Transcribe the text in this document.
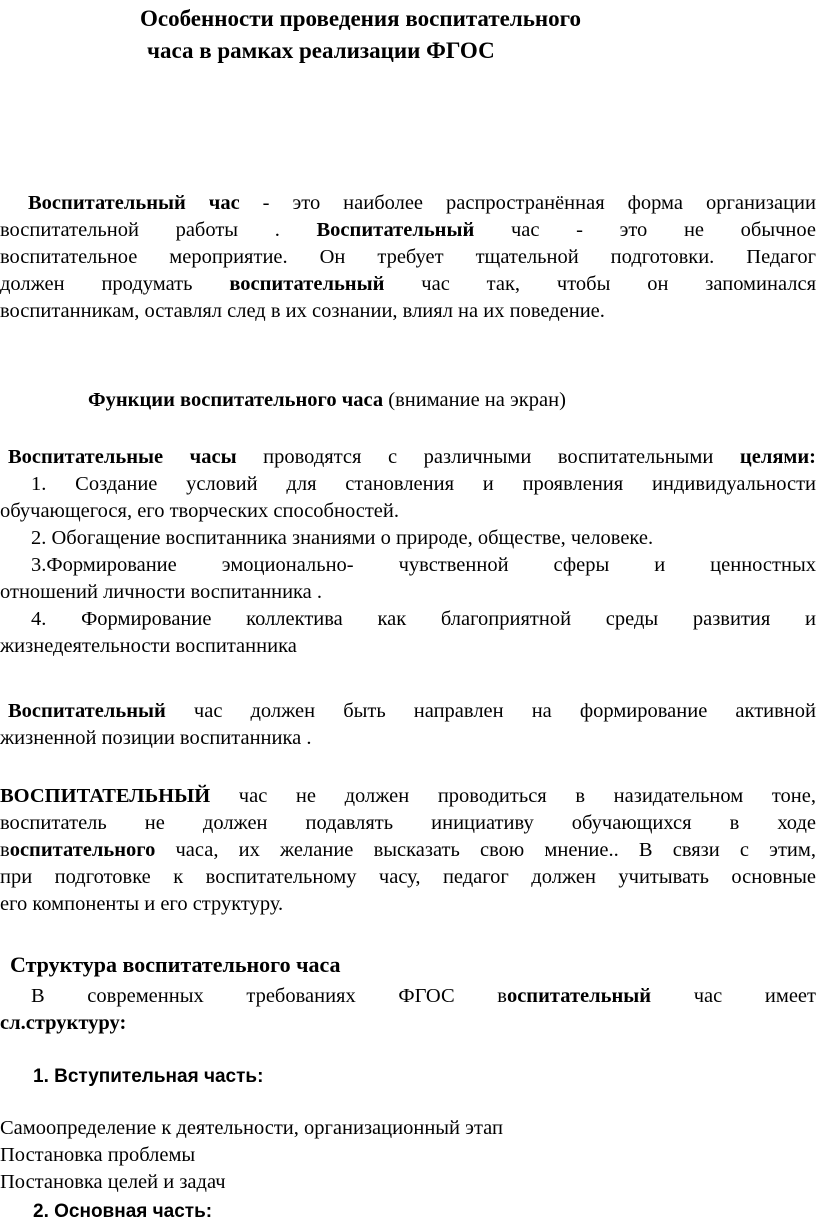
Особенности проведения воспитательного
часа в рамках реализации ФГОС
Воспитательный час - это наиболее распространённая форма организации
воспитательной работы . Воспитательный час - это не обычное
воспитательное мероприятие. Он требует тщательной подготовки. Педагог
должен продумать воспитательный час так, чтобы он запоминался
воспитанникам, оставлял след в их сознании, влиял на их поведение.
Функции воспитательного часа (внимание на экран)
Воспитательные часы проводятся с различными воспитательными целями:
1. Создание условий для становления и проявления индивидуальности
обучающегося, его творческих способностей.
2. Обогащение воспитанника знаниями о природе, обществе, человеке.
3.Формирование эмоционально- чувственной сферы и ценностных
отношений личности воспитанника .
4. Формирование коллектива как благоприятной среды развития и
жизнедеятельности воспитанника
Воспитательный час должен быть направлен на формирование активной
жизненной позиции воспитанника .
ВОСПИТАТЕЛЬНЫЙ час не должен проводиться в назидательном тоне,
воспитатель не должен подавлять инициативу обучающихся в ходе
воспитательного часа, их желание высказать свою мнение.. В связи с этим,
при подготовке к воспитательному часу, педагог должен учитывать основные
его компоненты и его структуру.
Структура воспитательного часа
В современных требованиях ФГОС воспитательный час имеет
сл.структуру:
1. Вступительная часть:
Самоопределение к деятельности, организационный этап
Постановка проблемы
Постановка целей и задач
2. Основная часть:
